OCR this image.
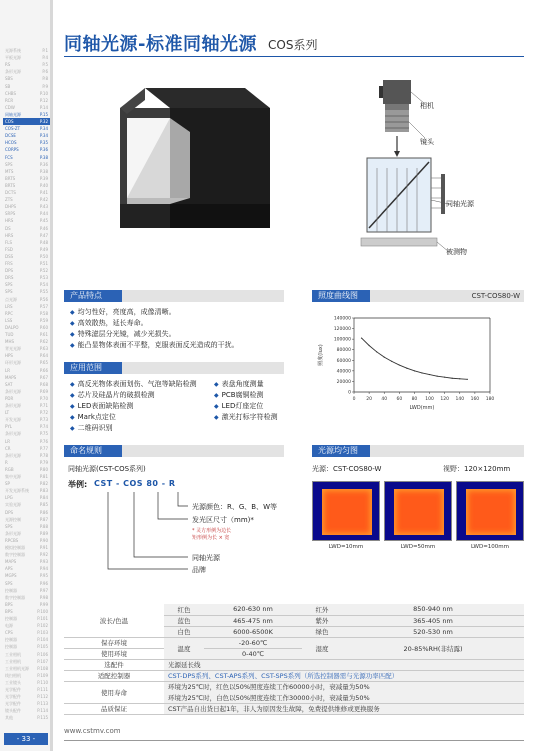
光源系统	P.1
平板光源	P.4
RS	P.5
条形光源	P.6
SBS	P.8
SB	P.9
CHBS	P.10
RCR	P.12
CDW	P.14
同轴光源	P.15
COS	P.32
COS-ZT	P.34
DCSE	P.34
HCOS	P.35
CORPS	P.36
FCS	P.38
SPS	P.36
MTS	P.38
BRTS	P.39
BRTS	P.40
DCTS	P.41
ZTS	P.42
DHPS	P.43
SRPS	P.44
HRS	P.45
DS	P.46
HRS	P.47
FLS	P.48
FSD	P.49
DSS	P.50
FRS	P.51
DPS	P.52
DRS	P.53
SPS	P.54
SPS	P.55
点光源	P.56
LRS	P.57
RPC	P.58
LSS	P.59
DALPO	P.60
TUD	P.61
MHS	P.62
背光光源	P.63
HPS	P.64
环形光源	P.65
LR	P.66
MAPS	P.67
SAT	P.68
条形光源	P.69
PDR	P.70
条形光源	P.71
LT	P.72
开发光源	P.73
PYL	P.74
条形光源	P.75
LR	P.76
CR	P.77
条形光源	P.78
R	P.79
RGB	P.80
集中光源	P.81
SP	P.82
开发光源系统	P.83
LPG	P.84
实验光源	P.85
DPS	P.86
光源控制	P.87
SPS	P.88
条形光源	P.89
RPCBS	P.90
模拟控制器	P.91
数字控制器	P.92
MAPS	P.93
APS	P.94
MGPS	P.95
SPS	P.96
控制器	P.97
数字控制器	P.98
BPS	P.99
BPS	P.100
控制器	P.101
电源	P.102
CPS	P.103
控制器	P.104
控制器	P.105
工业相机	P.106
工业相机	P.107
工业相机光源 P.108
线扫相机	P.109
工业镜头	P.110
光学配件	P.111
光学配件	P.112
光学配件	P.113
镜头配件	P.114
其他	P.115
- 33 -
同轴光源-标准同轴光源 COS系列
相机
镜头
同轴光源
被测物
产品特点
◆ 均匀性好，亮度高，成像清晰。
◆ 高效散热，延长寿命。
◆ 特殊滤层分光镜，减少光损失。
◆ 能凸显物体表面不平整，克服表面反光造成的干扰。
应用范围
◆ 高反光物体表面划伤、气泡等缺陷检测
◆ 芯片及硅晶片的破损检测
◆ LED表面缺陷检测
◆ Mark点定位
◆ 二维码识别
◆ 表盘角度测量
◆ PCB腐铜检测
◆ LED灯座定位
◆ 激光打标字符检测
命名规则
同轴光源(CST-COS系列)
举例: CST - COS 80 - R
光源颜色：R、G、B、W等
发光区尺寸（mm)*
* 灵方形例为边长
矩形例为长 × 宽
同轴光源
品牌
照度曲线图	CST-COS80-W
0 20 40 60 80 100 120 140 160 180
0
20000
40000
60000
80000
100000
120000
140000
LWD(mm)
照度(lux)
光源均匀图
光源：CST-COS80-W	视野：120×120mm
LWD=10mm	LWD=50mm	LWD=100mm
波长/色温	红色	620-630 nm	红外	850-940 nm
	蓝色	465-475 nm	紫外	365-405 nm
	白色	6000-6500K	绿色	520-530 nm
保存环境	温度	-20-60℃	湿度	20-85%RH(非结露)
使用环境		0-40℃		
选配件	光源延长线			
适配控制器	CST-DPS系列、CST-APS系列、CST-SPS系列（所选控制器需与光源功率匹配）			
使用寿命	环境为25℃时，红色以50%照度连续工作60000小时，衰减量为50%			
	环境为25℃时，白色以50%照度连续工作30000小时，衰减量为50%			
品质保证	CST产品自出货日起1年，非人为原因发生故障，免费提供维修或更换服务			
www.cstmv.com
